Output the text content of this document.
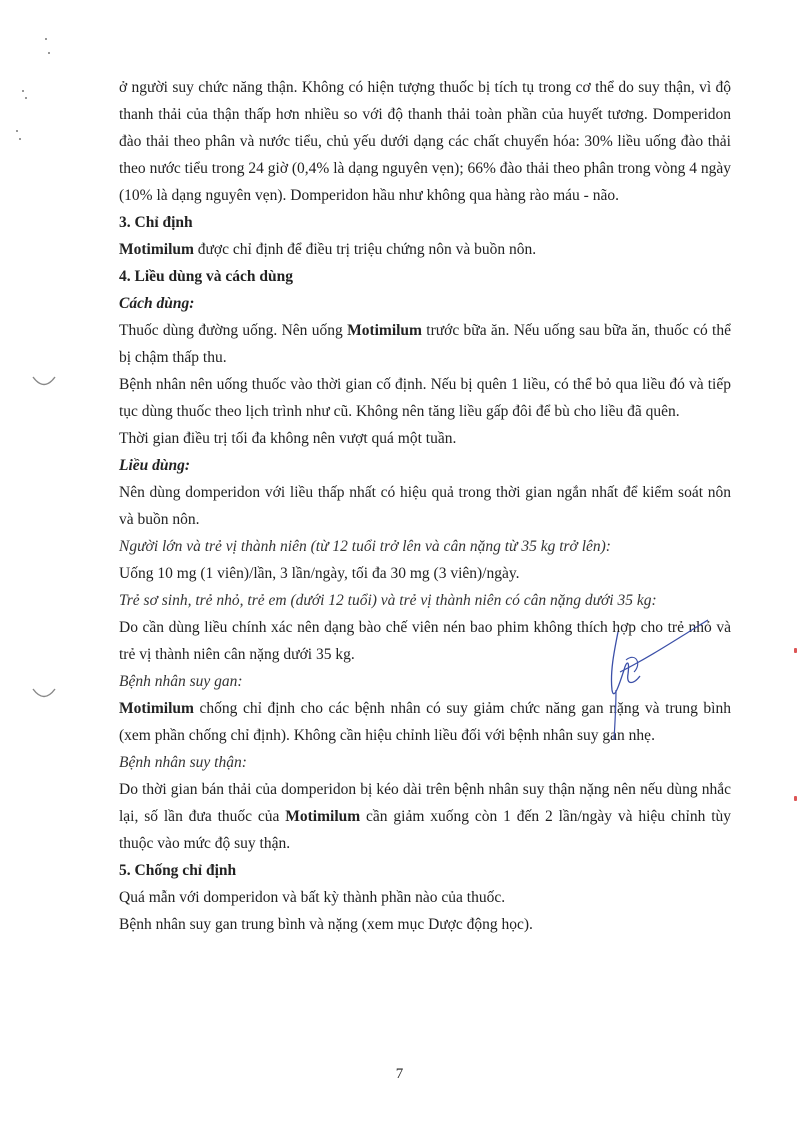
ở người suy chức năng thận. Không có hiện tượng thuốc bị tích tụ trong cơ thể do suy thận, vì độ thanh thải của thận thấp hơn nhiều so với độ thanh thải toàn phần của huyết tương. Domperidon đào thải theo phân và nước tiểu, chủ yếu dưới dạng các chất chuyển hóa: 30% liều uống đào thải theo nước tiểu trong 24 giờ (0,4% là dạng nguyên vẹn); 66% đào thải theo phân trong vòng 4 ngày (10% là dạng nguyên vẹn). Domperidon hầu như không qua hàng rào máu - não.

3. Chỉ định

Motimilum được chỉ định để điều trị triệu chứng nôn và buồn nôn.

4. Liều dùng và cách dùng

Cách dùng:

Thuốc dùng đường uống. Nên uống Motimilum trước bữa ăn. Nếu uống sau bữa ăn, thuốc có thể bị chậm thấp thu.

Bệnh nhân nên uống thuốc vào thời gian cố định. Nếu bị quên 1 liều, có thể bỏ qua liều đó và tiếp tục dùng thuốc theo lịch trình như cũ. Không nên tăng liều gấp đôi để bù cho liều đã quên.

Thời gian điều trị tối đa không nên vượt quá một tuần.

Liều dùng:

Nên dùng domperidon với liều thấp nhất có hiệu quả trong thời gian ngắn nhất để kiểm soát nôn và buồn nôn.

Người lớn và trẻ vị thành niên (từ 12 tuổi trở lên và cân nặng từ 35 kg trở lên):

Uống 10 mg (1 viên)/lần, 3 lần/ngày, tối đa 30 mg (3 viên)/ngày.

Trẻ sơ sinh, trẻ nhỏ, trẻ em (dưới 12 tuổi) và trẻ vị thành niên có cân nặng dưới 35 kg:

Do cần dùng liều chính xác nên dạng bào chế viên nén bao phim không thích hợp cho trẻ nhỏ và trẻ vị thành niên cân nặng dưới 35 kg.

Bệnh nhân suy gan:

Motimilum chống chỉ định cho các bệnh nhân có suy giảm chức năng gan nặng và trung bình (xem phần chống chỉ định). Không cần hiệu chỉnh liều đối với bệnh nhân suy gan nhẹ.

Bệnh nhân suy thận:

Do thời gian bán thải của domperidon bị kéo dài trên bệnh nhân suy thận nặng nên nếu dùng nhắc lại, số lần đưa thuốc của Motimilum cần giảm xuống còn 1 đến 2 lần/ngày và hiệu chỉnh tùy thuộc vào mức độ suy thận.

5. Chống chỉ định

Quá mẫn với domperidon và bất kỳ thành phần nào của thuốc.

Bệnh nhân suy gan trung bình và nặng (xem mục Dược động học).

7
